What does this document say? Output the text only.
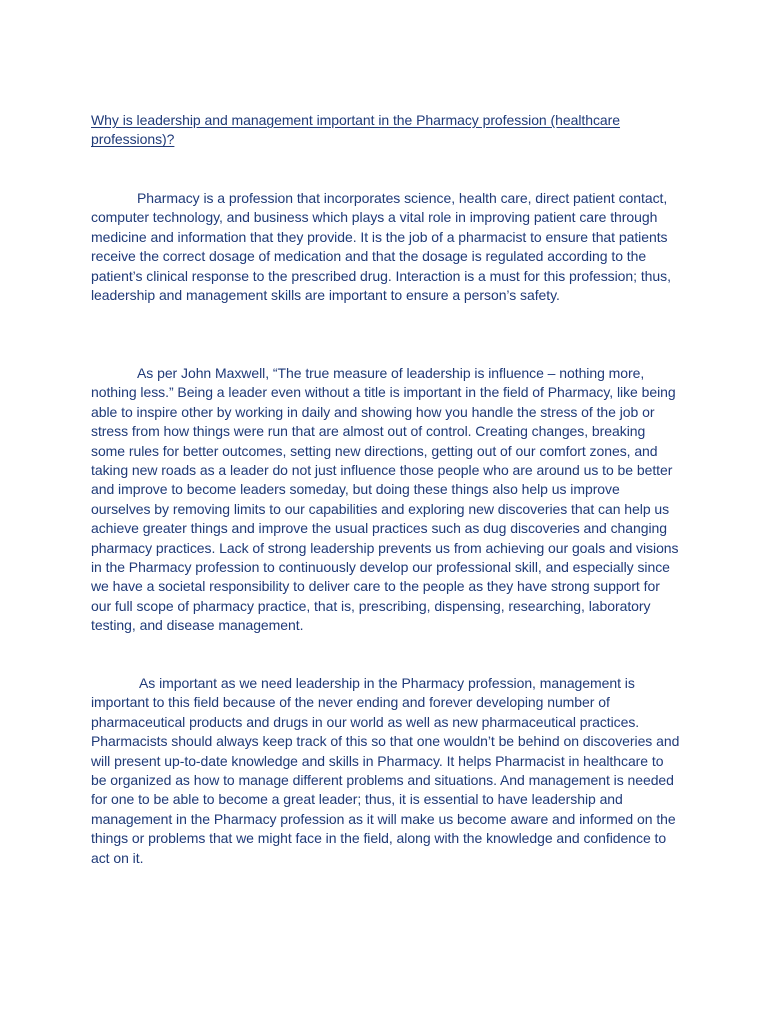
Why is leadership and management important in the Pharmacy profession (healthcare professions)?

Pharmacy is a profession that incorporates science, health care, direct patient contact, computer technology, and business which plays a vital role in improving patient care through medicine and information that they provide. It is the job of a pharmacist to ensure that patients receive the correct dosage of medication and that the dosage is regulated according to the patient’s clinical response to the prescribed drug. Interaction is a must for this profession; thus, leadership and management skills are important to ensure a person’s safety.

As per John Maxwell, “The true measure of leadership is influence – nothing more, nothing less.” Being a leader even without a title is important in the field of Pharmacy, like being able to inspire other by working in daily and showing how you handle the stress of the job or stress from how things were run that are almost out of control. Creating changes, breaking some rules for better outcomes, setting new directions, getting out of our comfort zones, and taking new roads as a leader do not just influence those people who are around us to be better and improve to become leaders someday, but doing these things also help us improve ourselves by removing limits to our capabilities and exploring new discoveries that can help us achieve greater things and improve the usual practices such as dug discoveries and changing pharmacy practices. Lack of strong leadership prevents us from achieving our goals and visions in the Pharmacy profession to continuously develop our professional skill, and especially since we have a societal responsibility to deliver care to the people as they have strong support for our full scope of pharmacy practice, that is, prescribing, dispensing, researching, laboratory testing, and disease management.

As important as we need leadership in the Pharmacy profession, management is important to this field because of the never ending and forever developing number of pharmaceutical products and drugs in our world as well as new pharmaceutical practices. Pharmacists should always keep track of this so that one wouldn’t be behind on discoveries and will present up-to-date knowledge and skills in Pharmacy. It helps Pharmacist in healthcare to be organized as how to manage different problems and situations. And management is needed for one to be able to become a great leader; thus, it is essential to have leadership and management in the Pharmacy profession as it will make us become aware and informed on the things or problems that we might face in the field, along with the knowledge and confidence to act on it.
